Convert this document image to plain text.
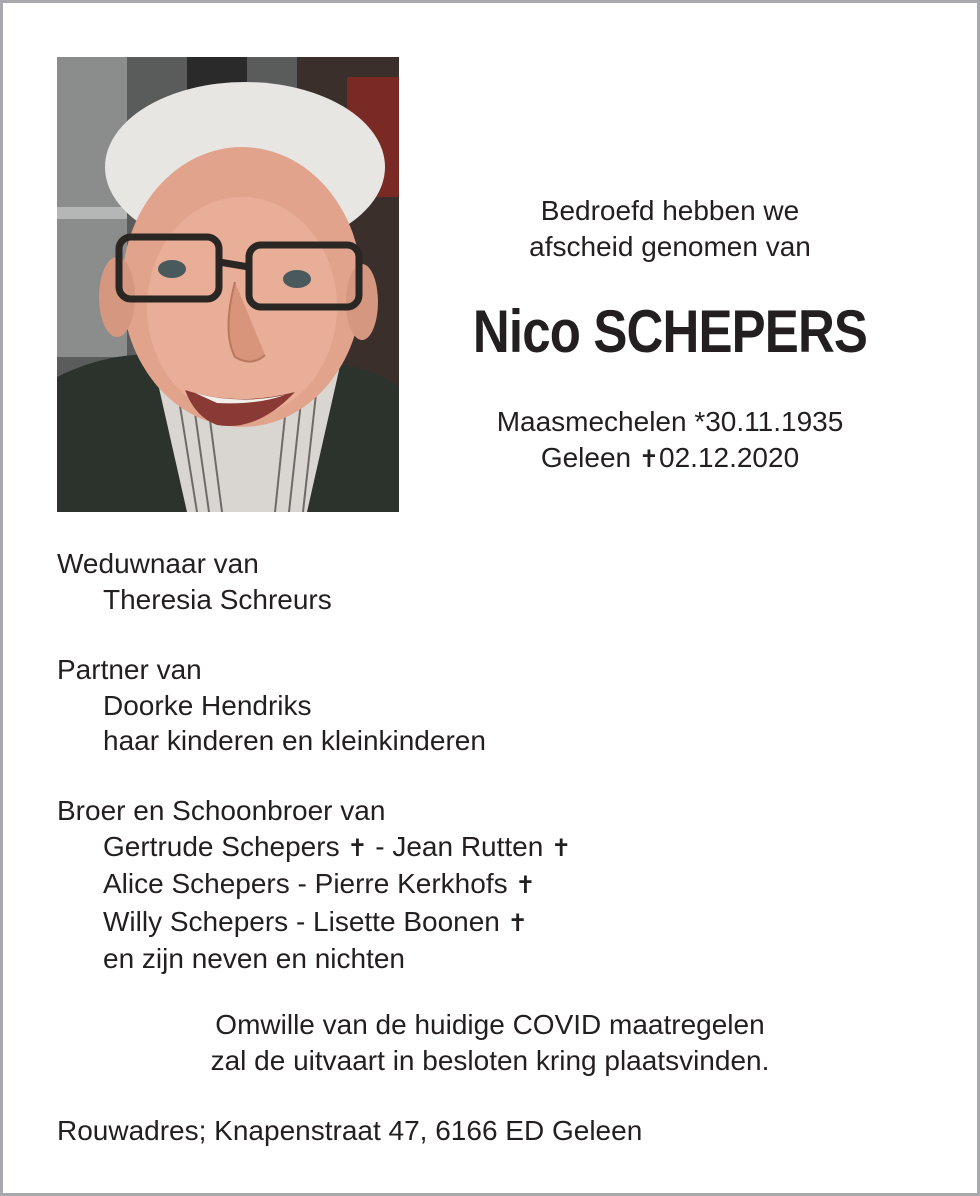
Bedroefd hebben we
afscheid genomen van
Nico SCHEPERS
Maasmechelen *30.11.1935
Geleen ✝02.12.2020
Weduwnaar van
Theresia Schreurs
Partner van
Doorke Hendriks
haar kinderen en kleinkinderen
Broer en Schoonbroer van
Gertrude Schepers ✝ - Jean Rutten ✝
Alice Schepers - Pierre Kerkhofs ✝
Willy Schepers - Lisette Boonen ✝
en zijn neven en nichten
Omwille van de huidige COVID maatregelen
zal de uitvaart in besloten kring plaatsvinden.
Rouwadres; Knapenstraat 47, 6166 ED Geleen
